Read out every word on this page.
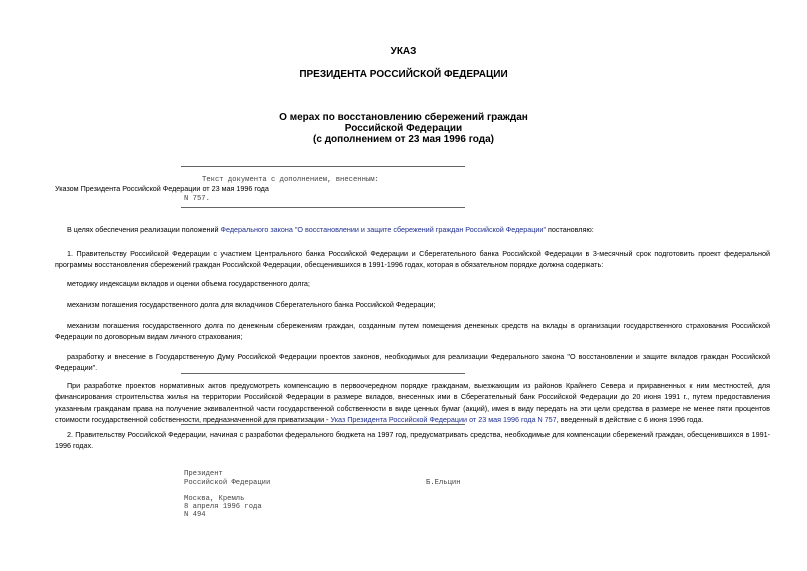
УКАЗ
ПРЕЗИДЕНТА РОССИЙСКОЙ ФЕДЕРАЦИИ
О мерах по восстановлению сбережений граждан
Российской Федерации
(с дополнением от 23 мая 1996 года)
Текст документа с дополнением, внесенным:
Указом Президента Российской Федерации от 23 мая 1996 года
N 757.
В целях обеспечения реализации положений Федерального закона "О восстановлении и защите сбережений граждан Российской Федерации" постановляю:
1. Правительству Российской Федерации с участием Центрального банка Российской Федерации и Сберегательного банка Российской Федерации в 3-месячный срок подготовить проект федеральной программы восстановления сбережений граждан Российской Федерации, обесценившихся в 1991-1996 годах, которая в обязательном порядке должна содержать:
методику индексации вкладов и оценки объема государственного долга;
механизм погашения государственного долга для вкладчиков Сберегательного банка Российской Федерации;
механизм погашения государственного долга по денежным сбережениям граждан, созданным путем помещения денежных средств на вклады в организации государственного страхования Российской Федерации по договорным видам личного страхования;
разработку и внесение в Государственную Думу Российской Федерации проектов законов, необходимых для реализации Федерального закона "О восстановлении и защите вкладов граждан Российской Федерации".
При разработке проектов нормативных актов предусмотреть компенсацию в первоочередном порядке гражданам, выезжающим из районов Крайнего Севера и приравненных к ним местностей, для финансирования строительства жилья на территории Российской Федерации в размере вкладов, внесенных ими в Сберегательный банк Российской Федерации до 20 июня 1991 г., путем предоставления указанным гражданам права на получение эквивалентной части государственной собственности в виде ценных бумаг (акций), имея в виду передать на эти цели средства в размере не менее пяти процентов стоимости государственной собственности, предназначенной для приватизации - Указ Президента Российской Федерации от 23 мая 1996 года N 757, введенный в действие с 6 июня 1996 года.
2. Правительству Российской Федерации, начиная с разработки федерального бюджета на 1997 год, предусматривать средства, необходимые для компенсации сбережений граждан, обесценившихся в 1991-1996 годах.
Президент
Российской Федерации	Б.Ельцин
Москва, Кремль
8 апреля 1996 года
N 494
